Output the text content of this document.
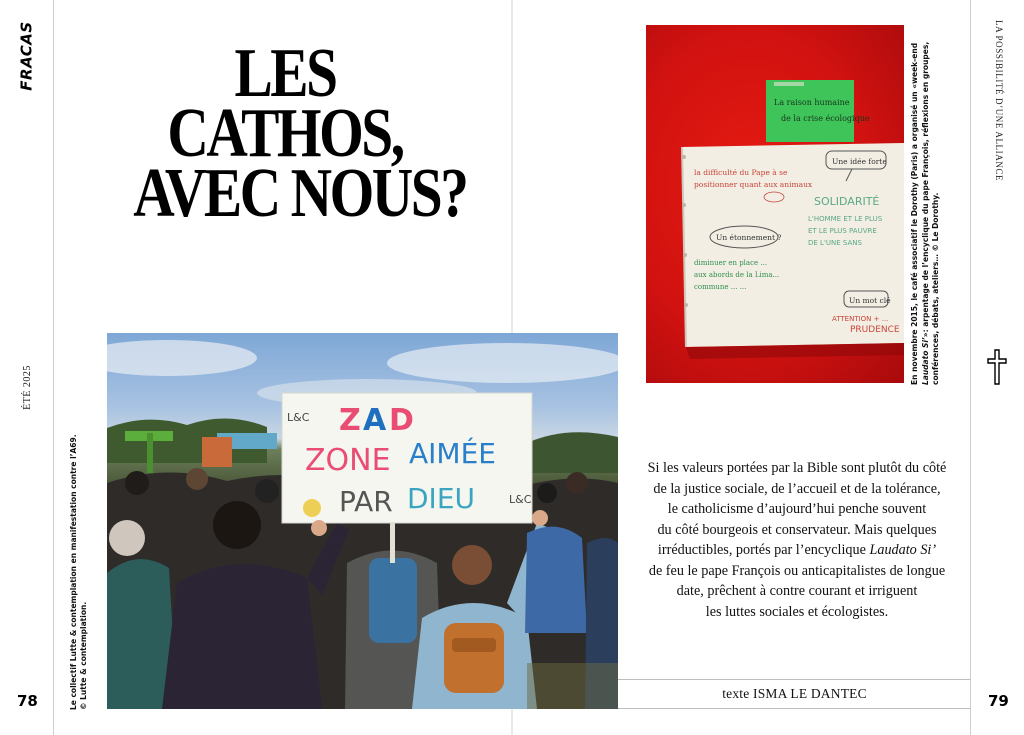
FRACAS
ÉTÉ 2025
78
LES
CATHOS,
AVEC NOUS?
Z A D
ZONE AIMÉE
PAR DIEU
L&C
L&C
Le collectif Lutte & contemplation en manifestation contre l’A69. © Lutte & contemplation.
La raison humaine
de la crise écologique
la difficulté du Pape à se
positionner quant aux animaux
Une idée forte
SOLIDARITÉ
L'HOMME ET LE PLUS
ET LE PLUS PAUVRE
DE L'UNE SANS
Un étonnement ?
diminuer en place ...
aux abords de la Lima...
commune ... ...
Un mot clé
ATTENTION + ...
PRUDENCE En novembre 2015, le café associatif le Dorothy (Paris) a organisé un «week-end Laudato Si’»: arpentage de l’encyclique du pape François, réflexions en groupes, conférences, débats, ateliers… © Le Dorothy.
LA POSSIBILITÉ D’UNE ALLIANCE
79
Si les valeurs portées par la Bible sont plutôt du côté
de la justice sociale, de l’accueil et de la tolérance,
le catholicisme d’aujourd’hui penche souvent
du côté bourgeois et conservateur. Mais quelques
irréductibles, portés par l’encyclique Laudato Si’
de feu le pape François ou anticapitalistes de longue
date, prêchent à contre courant et irriguent
les luttes sociales et écologistes.
texte ISMA LE DANTEC
